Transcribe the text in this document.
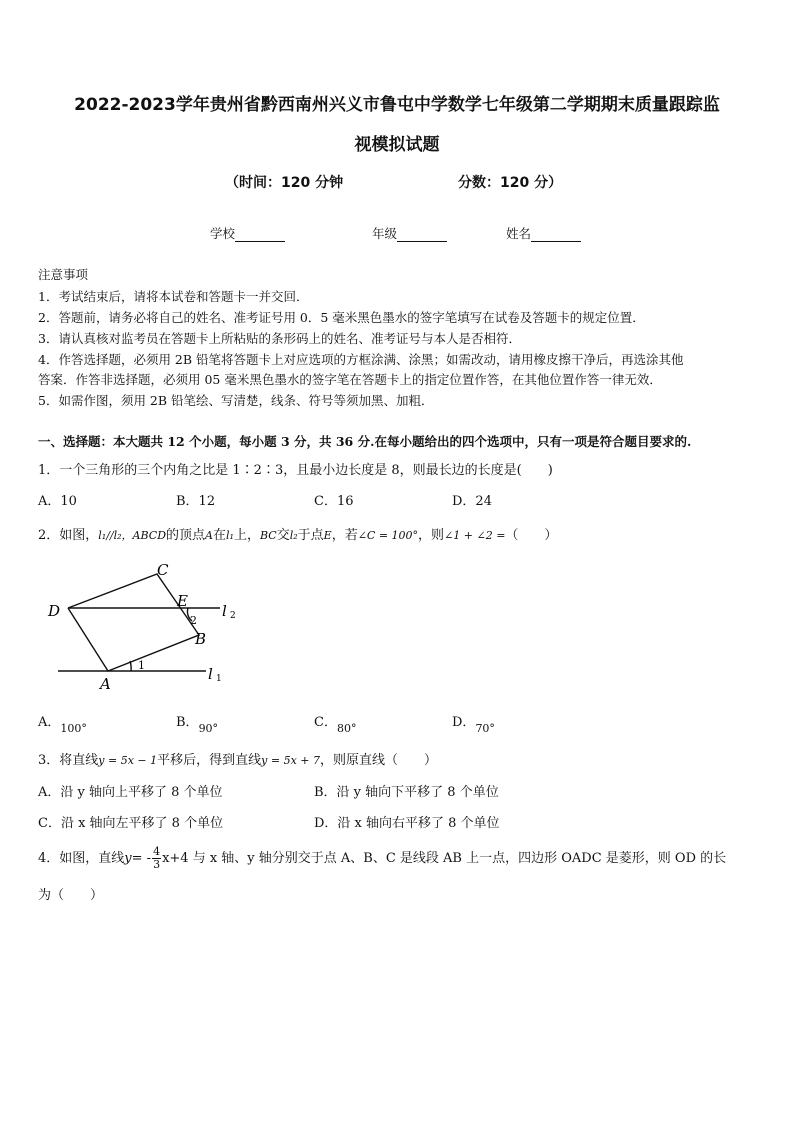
2022-2023学年贵州省黔西南州兴义市鲁屯中学数学七年级第二学期期末质量跟踪监
视模拟试题
（时间：120 分钟	分数：120 分）
学校	年级	姓名
注意事项
1．考试结束后，请将本试卷和答题卡一并交回．
2．答题前，请务必将自己的姓名、准考证号用 0．5 毫米黑色墨水的签字笔填写在试卷及答题卡的规定位置．
3．请认真核对监考员在答题卡上所粘贴的条形码上的姓名、准考证号与本人是否相符．
4．作答选择题，必须用 2B 铅笔将答题卡上对应选项的方框涂满、涂黑；如需改动，请用橡皮擦干净后，再选涂其他
答案．作答非选择题，必须用 05 毫米黑色墨水的签字笔在答题卡上的指定位置作答，在其他位置作答一律无效．
5．如需作图，须用 2B 铅笔绘、写清楚，线条、符号等须加黑、加粗．
一、选择题：本大题共 12 个小题，每小题 3 分，共 36 分.在每小题给出的四个选项中，只有一项是符合题目要求的.
1．一个三角形的三个内角之比是 1∶2∶3，且最小边长度是 8，则最长边的长度是(　　)
A．10	B．12	C．16	D．24
2．如图，l₁//l₂，ABCD的顶点A在l₁上，BC交l₂于点E，若∠C = 100°，则∠1 + ∠2 =（　　）
C
D
E
B
A
l 2
l 1
1
2
A．$_{100^\circ}$	B．$_{90^\circ}$	C．$_{80^\circ}$	D．$_{70^\circ}$
3．将直线y = 5x − 1平移后，得到直线y = 5x + 7，则原直线（　　）
A．沿 y 轴向上平移了 8 个单位	B．沿 y 轴向下平移了 8 个单位
C．沿 x 轴向左平移了 8 个单位	D．沿 x 轴向右平移了 8 个单位
4．如图，直线$y= - \frac{4}{3} x+4$ 与 x 轴、y 轴分别交于点 A、B、C 是线段 AB 上一点，四边形 OADC 是菱形，则 OD 的长
为（　　）
